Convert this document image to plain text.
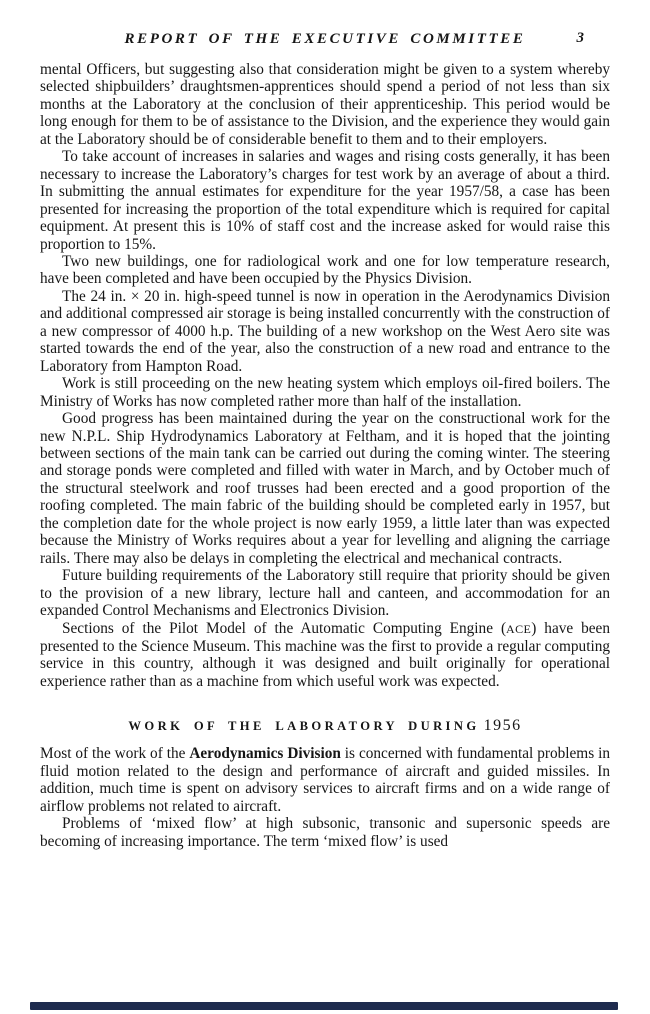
REPORT OF THE EXECUTIVE COMMITTEE	3

mental Officers, but suggesting also that consideration might be given to a system whereby selected shipbuilders’ draughtsmen-apprentices should spend a period of not less than six months at the Laboratory at the conclusion of their apprenticeship. This period would be long enough for them to be of assistance to the Division, and the experience they would gain at the Laboratory should be of considerable benefit to them and to their employers.

To take account of increases in salaries and wages and rising costs generally, it has been necessary to increase the Laboratory’s charges for test work by an average of about a third. In submitting the annual estimates for expenditure for the year 1957/58, a case has been presented for increasing the proportion of the total expenditure which is required for capital equipment. At present this is 10% of staff cost and the increase asked for would raise this proportion to 15%.

Two new buildings, one for radiological work and one for low temperature research, have been completed and have been occupied by the Physics Division.

The 24 in. × 20 in. high-speed tunnel is now in operation in the Aerodynamics Division and additional compressed air storage is being installed concurrently with the construction of a new compressor of 4000 h.p. The building of a new workshop on the West Aero site was started towards the end of the year, also the construction of a new road and entrance to the Laboratory from Hampton Road.

Work is still proceeding on the new heating system which employs oil-fired boilers. The Ministry of Works has now completed rather more than half of the installation.

Good progress has been maintained during the year on the constructional work for the new N.P.L. Ship Hydrodynamics Laboratory at Feltham, and it is hoped that the jointing between sections of the main tank can be carried out during the coming winter. The steering and storage ponds were completed and filled with water in March, and by October much of the structural steelwork and roof trusses had been erected and a good proportion of the roofing completed. The main fabric of the building should be completed early in 1957, but the completion date for the whole project is now early 1959, a little later than was expected because the Ministry of Works requires about a year for levelling and aligning the carriage rails. There may also be delays in completing the electrical and mechanical contracts.

Future building requirements of the Laboratory still require that priority should be given to the provision of a new library, lecture hall and canteen, and accommodation for an expanded Control Mechanisms and Electronics Division.

Sections of the Pilot Model of the Automatic Computing Engine (ACE) have been presented to the Science Museum. This machine was the first to provide a regular computing service in this country, although it was designed and built originally for operational experience rather than as a machine from which useful work was expected.

WORK OF THE LABORATORY DURING 1956

Most of the work of the Aerodynamics Division is concerned with fundamental problems in fluid motion related to the design and performance of aircraft and guided missiles. In addition, much time is spent on advisory services to aircraft firms and on a wide range of airflow problems not related to aircraft.

Problems of ‘mixed flow’ at high subsonic, transonic and supersonic speeds are becoming of increasing importance. The term ‘mixed flow’ is used
